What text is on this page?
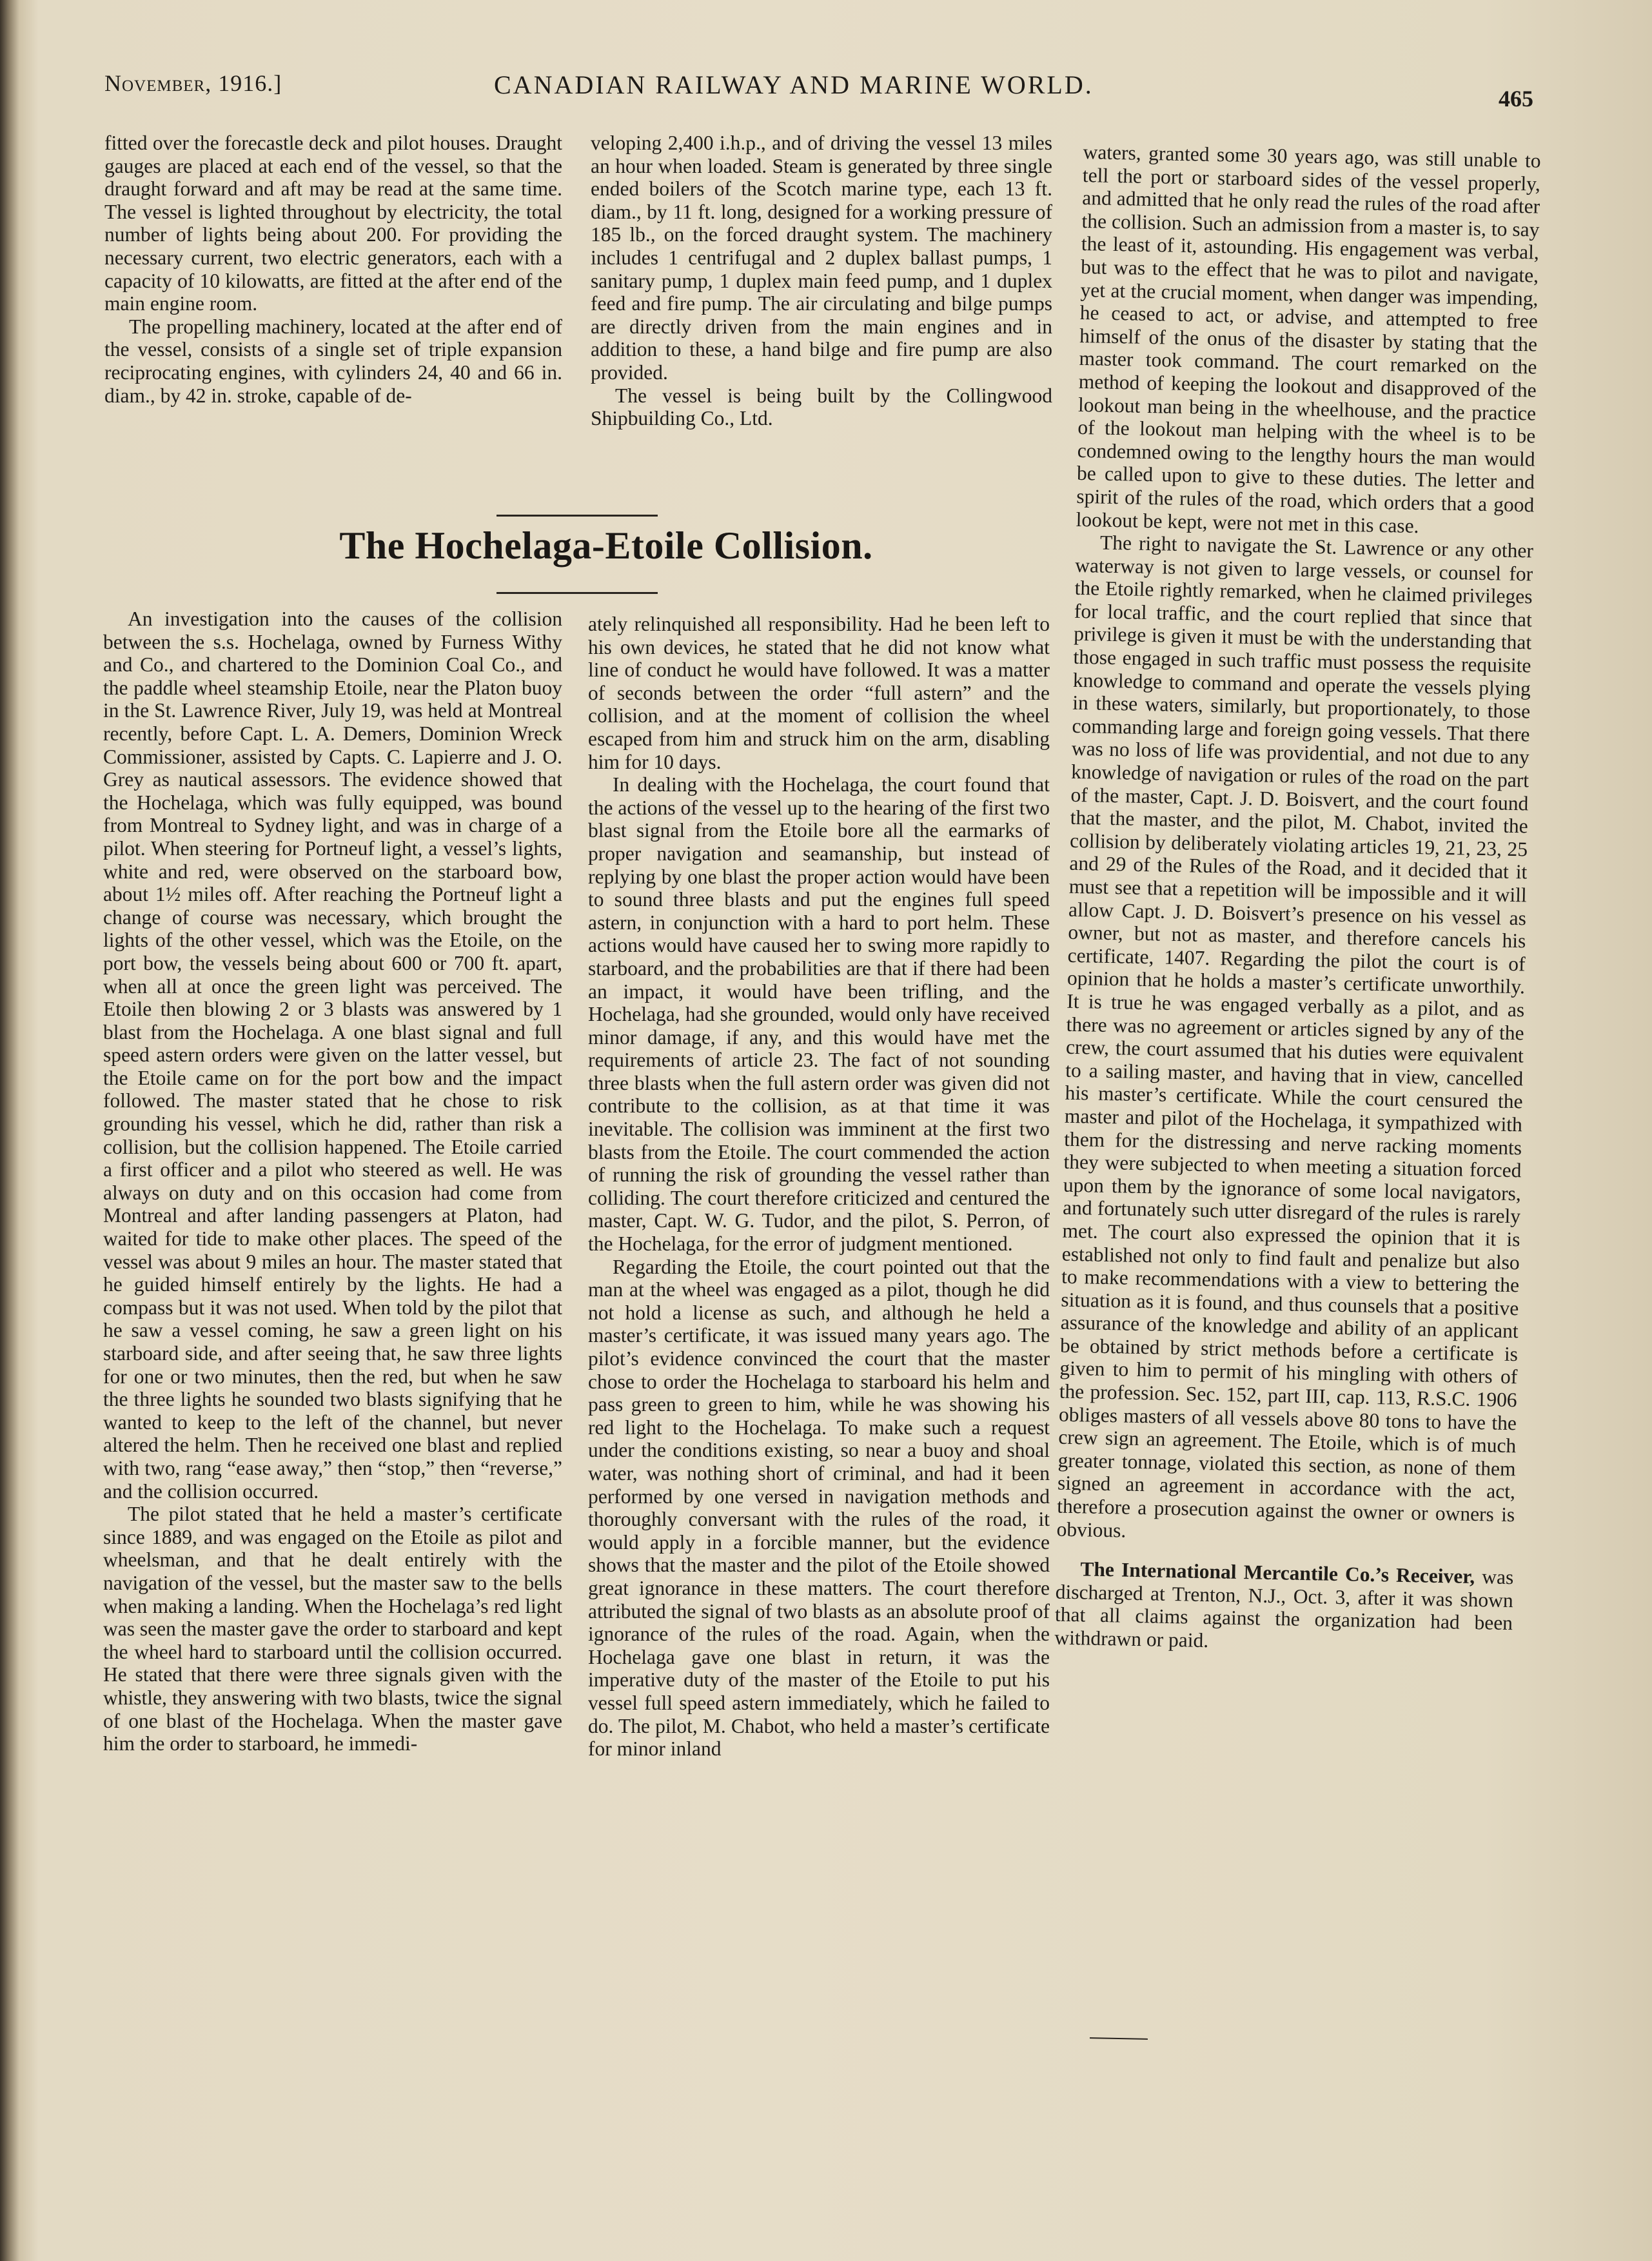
November, 1916.]	CANADIAN RAILWAY AND MARINE WORLD.	465

fitted over the forecastle deck and pilot houses. Draught gauges are placed at each end of the vessel, so that the draught forward and aft may be read at the same time. The vessel is lighted throughout by electricity, the total number of lights being about 200. For providing the necessary current, two electric generators, each with a capacity of 10 kilowatts, are fitted at the after end of the main engine room.

The propelling machinery, located at the after end of the vessel, consists of a single set of triple expansion reciprocating engines, with cylinders 24, 40 and 66 in. diam., by 42 in. stroke, capable of de-

veloping 2,400 i.h.p., and of driving the vessel 13 miles an hour when loaded. Steam is generated by three single ended boilers of the Scotch marine type, each 13 ft. diam., by 11 ft. long, designed for a working pressure of 185 lb., on the forced draught system. The machinery includes 1 centrifugal and 2 duplex ballast pumps, 1 sanitary pump, 1 duplex main feed pump, and 1 duplex feed and fire pump. The air circulating and bilge pumps are directly driven from the main engines and in addition to these, a hand bilge and fire pump are also provided.

The vessel is being built by the Collingwood Shipbuilding Co., Ltd.

The Hochelaga-Etoile Collision.

An investigation into the causes of the collision between the s.s. Hochelaga, owned by Furness Withy and Co., and chartered to the Dominion Coal Co., and the paddle wheel steamship Etoile, near the Platon buoy in the St. Lawrence River, July 19, was held at Montreal recently, before Capt. L. A. Demers, Dominion Wreck Commissioner, assisted by Capts. C. Lapierre and J. O. Grey as nautical assessors. The evidence showed that the Hochelaga, which was fully equipped, was bound from Montreal to Sydney light, and was in charge of a pilot. When steering for Portneuf light, a vessel’s lights, white and red, were observed on the starboard bow, about 1½ miles off. After reaching the Portneuf light a change of course was necessary, which brought the lights of the other vessel, which was the Etoile, on the port bow, the vessels being about 600 or 700 ft. apart, when all at once the green light was perceived. The Etoile then blowing 2 or 3 blasts was answered by 1 blast from the Hochelaga. A one blast signal and full speed astern orders were given on the latter vessel, but the Etoile came on for the port bow and the impact followed. The master stated that he chose to risk grounding his vessel, which he did, rather than risk a collision, but the collision happened. The Etoile carried a first officer and a pilot who steered as well. He was always on duty and on this occasion had come from Montreal and after landing passengers at Platon, had waited for tide to make other places. The speed of the vessel was about 9 miles an hour. The master stated that he guided himself entirely by the lights. He had a compass but it was not used. When told by the pilot that he saw a vessel coming, he saw a green light on his starboard side, and after seeing that, he saw three lights for one or two minutes, then the red, but when he saw the three lights he sounded two blasts signifying that he wanted to keep to the left of the channel, but never altered the helm. Then he received one blast and replied with two, rang “ease away,” then “stop,” then “reverse,” and the collision occurred.

The pilot stated that he held a master’s certificate since 1889, and was engaged on the Etoile as pilot and wheelsman, and that he dealt entirely with the navigation of the vessel, but the master saw to the bells when making a landing. When the Hochelaga’s red light was seen the master gave the order to starboard and kept the wheel hard to starboard until the collision occurred. He stated that there were three signals given with the whistle, they answering with two blasts, twice the signal of one blast of the Hochelaga. When the master gave him the order to starboard, he immedi-

ately relinquished all responsibility. Had he been left to his own devices, he stated that he did not know what line of conduct he would have followed. It was a matter of seconds between the order “full astern” and the collision, and at the moment of collision the wheel escaped from him and struck him on the arm, disabling him for 10 days.

In dealing with the Hochelaga, the court found that the actions of the vessel up to the hearing of the first two blast signal from the Etoile bore all the earmarks of proper navigation and seamanship, but instead of replying by one blast the proper action would have been to sound three blasts and put the engines full speed astern, in conjunction with a hard to port helm. These actions would have caused her to swing more rapidly to starboard, and the probabilities are that if there had been an impact, it would have been trifling, and the Hochelaga, had she grounded, would only have received minor damage, if any, and this would have met the requirements of article 23. The fact of not sounding three blasts when the full astern order was given did not contribute to the collision, as at that time it was inevitable. The collision was imminent at the first two blasts from the Etoile. The court commended the action of running the risk of grounding the vessel rather than colliding. The court therefore criticized and centured the master, Capt. W. G. Tudor, and the pilot, S. Perron, of the Hochelaga, for the error of judgment mentioned.

Regarding the Etoile, the court pointed out that the man at the wheel was engaged as a pilot, though he did not hold a license as such, and although he held a master’s certificate, it was issued many years ago. The pilot’s evidence convinced the court that the master chose to order the Hochelaga to starboard his helm and pass green to green to him, while he was showing his red light to the Hochelaga. To make such a request under the conditions existing, so near a buoy and shoal water, was nothing short of criminal, and had it been performed by one versed in navigation methods and thoroughly conversant with the rules of the road, it would apply in a forcible manner, but the evidence shows that the master and the pilot of the Etoile showed great ignorance in these matters. The court therefore attributed the signal of two blasts as an absolute proof of ignorance of the rules of the road. Again, when the Hochelaga gave one blast in return, it was the imperative duty of the master of the Etoile to put his vessel full speed astern immediately, which he failed to do. The pilot, M. Chabot, who held a master’s certificate for minor inland

waters, granted some 30 years ago, was still unable to tell the port or starboard sides of the vessel properly, and admitted that he only read the rules of the road after the collision. Such an admission from a master is, to say the least of it, astounding. His engagement was verbal, but was to the effect that he was to pilot and navigate, yet at the crucial moment, when danger was impending, he ceased to act, or advise, and attempted to free himself of the onus of the disaster by stating that the master took command. The court remarked on the method of keeping the lookout and disapproved of the lookout man being in the wheelhouse, and the practice of the lookout man helping with the wheel is to be condemned owing to the lengthy hours the man would be called upon to give to these duties. The letter and spirit of the rules of the road, which orders that a good lookout be kept, were not met in this case.

The right to navigate the St. Lawrence or any other waterway is not given to large vessels, or counsel for the Etoile rightly remarked, when he claimed privileges for local traffic, and the court replied that since that privilege is given it must be with the understanding that those engaged in such traffic must possess the requisite knowledge to command and operate the vessels plying in these waters, similarly, but proportionately, to those commanding large and foreign going vessels. That there was no loss of life was providential, and not due to any knowledge of navigation or rules of the road on the part of the master, Capt. J. D. Boisvert, and the court found that the master, and the pilot, M. Chabot, invited the collision by deliberately violating articles 19, 21, 23, 25 and 29 of the Rules of the Road, and it decided that it must see that a repetition will be impossible and it will allow Capt. J. D. Boisvert’s presence on his vessel as owner, but not as master, and therefore cancels his certificate, 1407. Regarding the pilot the court is of opinion that he holds a master’s certificate unworthily. It is true he was engaged verbally as a pilot, and as there was no agreement or articles signed by any of the crew, the court assumed that his duties were equivalent to a sailing master, and having that in view, cancelled his master’s certificate. While the court censured the master and pilot of the Hochelaga, it sympathized with them for the distressing and nerve racking moments they were subjected to when meeting a situation forced upon them by the ignorance of some local navigators, and fortunately such utter disregard of the rules is rarely met. The court also expressed the opinion that it is established not only to find fault and penalize but also to make recommendations with a view to bettering the situation as it is found, and thus counsels that a positive assurance of the knowledge and ability of an applicant be obtained by strict methods before a certificate is given to him to permit of his mingling with others of the profession. Sec. 152, part III, cap. 113, R.S.C. 1906 obliges masters of all vessels above 80 tons to have the crew sign an agreement. The Etoile, which is of much greater tonnage, violated this section, as none of them signed an agreement in accordance with the act, therefore a prosecution against the owner or owners is obvious.

The International Mercantile Co.’s Receiver, was discharged at Trenton, N.J., Oct. 3, after it was shown that all claims against the organization had been withdrawn or paid.
